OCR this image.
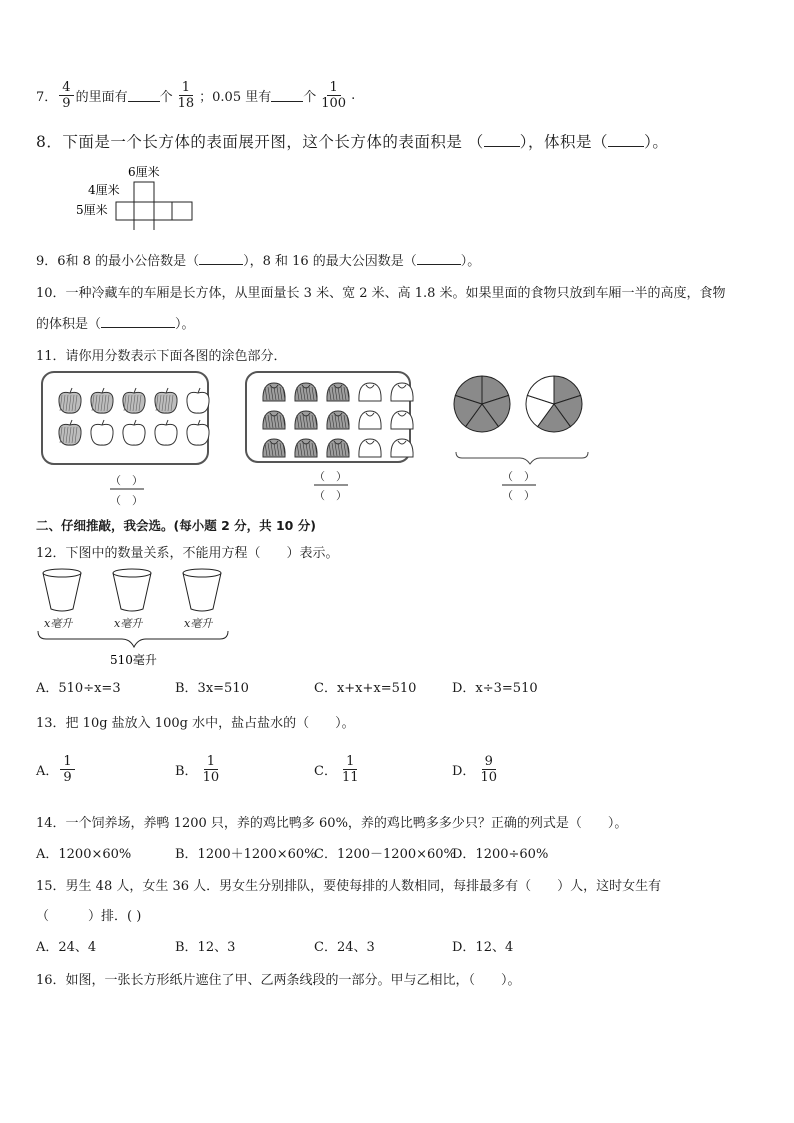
7． $\frac{4}{9}$ 的里面有 个 $\frac{1}{18}$ ；0.05 里有 个 $\frac{1}{100}$ .
8．下面是一个长方体的表面展开图，这个长方体的表面积是 （ ），体积是（ ）。
6厘米
4厘米
5厘米
9．6和 8 的最小公倍数是（	），8 和 16 的最大公因数是（	）。
10．一种冷藏车的车厢是长方体，从里面量长 3 米、宽 2 米、高 1.8 米。如果里面的食物只放到车厢一半的高度，食物
的体积是（	）。
11．请你用分数表示下面各图的涂色部分．
（　）
（　）
（　）
（　）
（　）
（　）
二、仔细推敲，我会选。(每小题 2 分，共 10 分)
12．下图中的数量关系，不能用方程（　　）表示。
x毫升	x毫升	x毫升
510毫升
A．510÷x=3	B．3x=510	C．x+x+x=510	D．x÷3=510
13．把 10g 盐放入 100g 水中，盐占盐水的（　　）。
A． $\frac{1}{9}$	B． $\frac{1}{10}$	C． $\frac{1}{11}$	D． $\frac{9}{10}$
14．一个饲养场，养鸭 1200 只，养的鸡比鸭多 60%，养的鸡比鸭多多少只？正确的列式是（　　）。
A．1200×60%	B．1200＋1200×60%
C．1200－1200×60%
D．1200÷60%
15．男生 48 人，女生 36 人．男女生分别排队，要使每排的人数相同，每排最多有（　　）人，这时女生有
（　　　）排．( )
A．24、4	B．12、3	C．24、3	D．12、4
16．如图，一张长方形纸片遮住了甲、乙两条线段的一部分。甲与乙相比，（　　）。
